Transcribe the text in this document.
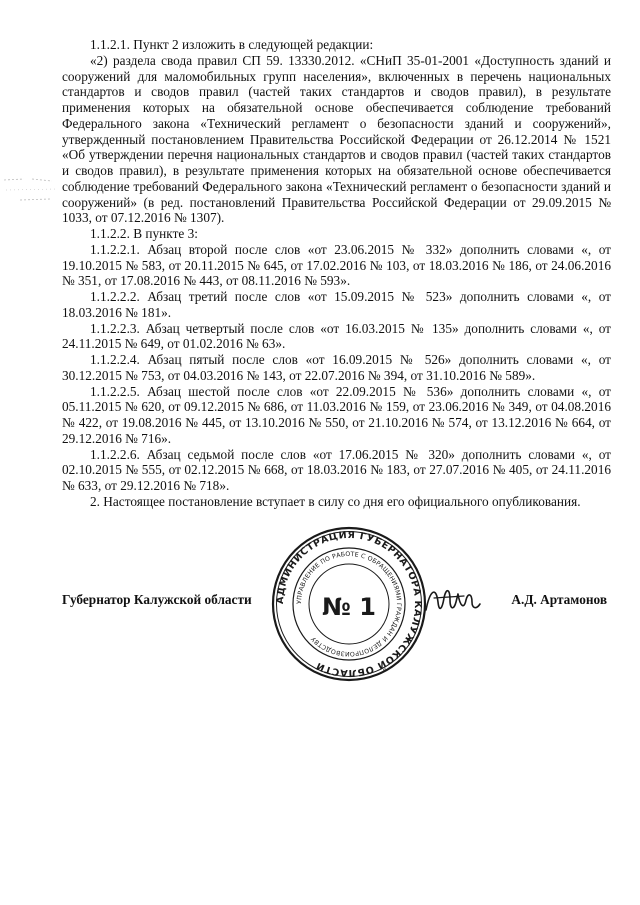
1.1.2.1. Пункт 2 изложить в следующей редакции:

«2) раздела свода правил СП 59. 13330.2012. «СНиП 35-01-2001 «Доступность зданий и сооружений для маломобильных групп населения», включенных в перечень национальных стандартов и сводов правил (частей таких стандартов и сводов правил), в результате применения которых на обязательной основе обеспечивается соблюдение требований Федерального закона «Технический регламент о безопасности зданий и сооружений», утвержденный постановлением Правительства Российской Федерации от 26.12.2014 № 1521 «Об утверждении перечня национальных стандартов и сводов правил (частей таких стандартов и сводов правил), в результате применения которых на обязательной основе обеспечивается соблюдение требований Федерального закона «Технический регламент о безопасности зданий и сооружений» (в ред. постановлений Правительства Российской Федерации от 29.09.2015 № 1033, от 07.12.2016 № 1307).

1.1.2.2. В пункте 3:

1.1.2.2.1. Абзац второй после слов «от 23.06.2015 № 332» дополнить словами «, от 19.10.2015 № 583, от 20.11.2015 № 645, от 17.02.2016 № 103, от 18.03.2016 № 186, от 24.06.2016 № 351, от 17.08.2016 № 443, от 08.11.2016 № 593».

1.1.2.2.2. Абзац третий после слов «от 15.09.2015 № 523» дополнить словами «, от 18.03.2016 № 181».

1.1.2.2.3. Абзац четвертый после слов «от 16.03.2015 № 135» дополнить словами «, от 24.11.2015 № 649, от 01.02.2016 № 63».

1.1.2.2.4. Абзац пятый после слов «от 16.09.2015 № 526» дополнить словами «, от 30.12.2015 № 753, от 04.03.2016 № 143, от 22.07.2016 № 394, от 31.10.2016 № 589».

1.1.2.2.5. Абзац шестой после слов «от 22.09.2015 № 536» дополнить словами «, от 05.11.2015 № 620, от 09.12.2015 № 686, от 11.03.2016 № 159, от 23.06.2016 № 349, от 04.08.2016 № 422, от 19.08.2016 № 445, от 13.10.2016 № 550, от 21.10.2016 № 574, от 13.12.2016 № 664, от 29.12.2016 № 716».

1.1.2.2.6. Абзац седьмой после слов «от 17.06.2015 № 320» дополнить словами «, от 02.10.2015 № 555, от 02.12.2015 № 668, от 18.03.2016 № 183, от 27.07.2016 № 405, от 24.11.2016 № 633, от 29.12.2016 № 718».

2. Настоящее постановление вступает в силу со дня его официального опубликования.

АДМИНИСТРАЦИЯ ГУБЕРНАТОРА КАЛУЖСКОЙ ОБЛАСТИ
УПРАВЛЕНИЕ ПО РАБОТЕ С ОБРАЩЕНИЯМИ ГРАЖДАН И ДЕЛОПРОИЗВОДСТВУ
№ 1
Губернатор Калужской области	А.Д. Артамонов
